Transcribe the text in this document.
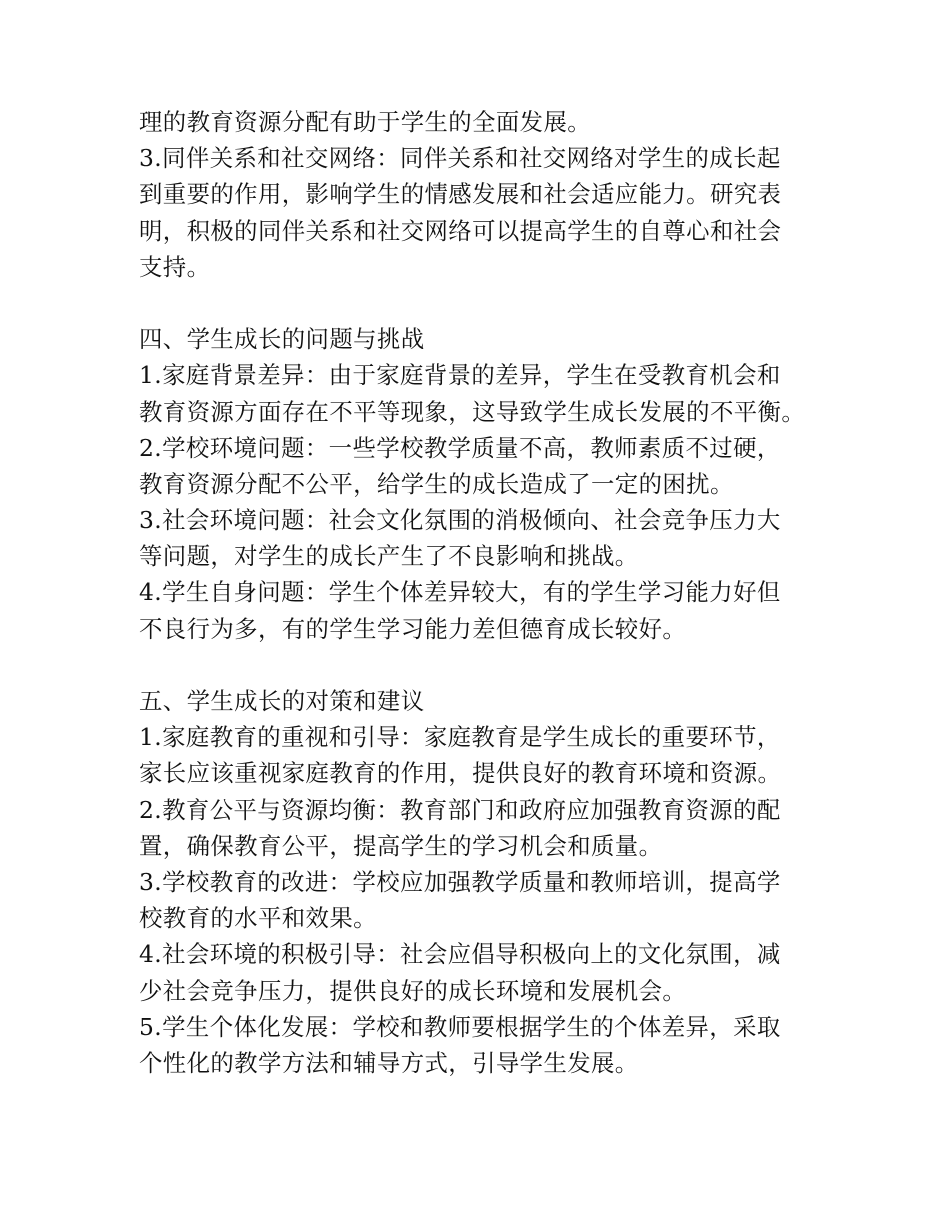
理的教育资源分配有助于学生的全面发展。
3.同伴关系和社交网络：同伴关系和社交网络对学生的成长起
到重要的作用，影响学生的情感发展和社会适应能力。研究表
明，积极的同伴关系和社交网络可以提高学生的自尊心和社会
支持。
四、学生成长的问题与挑战
1.家庭背景差异：由于家庭背景的差异，学生在受教育机会和
教育资源方面存在不平等现象，这导致学生成长发展的不平衡。
2.学校环境问题：一些学校教学质量不高，教师素质不过硬，
教育资源分配不公平，给学生的成长造成了一定的困扰。
3.社会环境问题：社会文化氛围的消极倾向、社会竞争压力大
等问题，对学生的成长产生了不良影响和挑战。
4.学生自身问题：学生个体差异较大，有的学生学习能力好但
不良行为多，有的学生学习能力差但德育成长较好。
五、学生成长的对策和建议
1.家庭教育的重视和引导：家庭教育是学生成长的重要环节，
家长应该重视家庭教育的作用，提供良好的教育环境和资源。
2.教育公平与资源均衡：教育部门和政府应加强教育资源的配
置，确保教育公平，提高学生的学习机会和质量。
3.学校教育的改进：学校应加强教学质量和教师培训，提高学
校教育的水平和效果。
4.社会环境的积极引导：社会应倡导积极向上的文化氛围，减
少社会竞争压力，提供良好的成长环境和发展机会。
5.学生个体化发展：学校和教师要根据学生的个体差异，采取
个性化的教学方法和辅导方式，引导学生发展。
